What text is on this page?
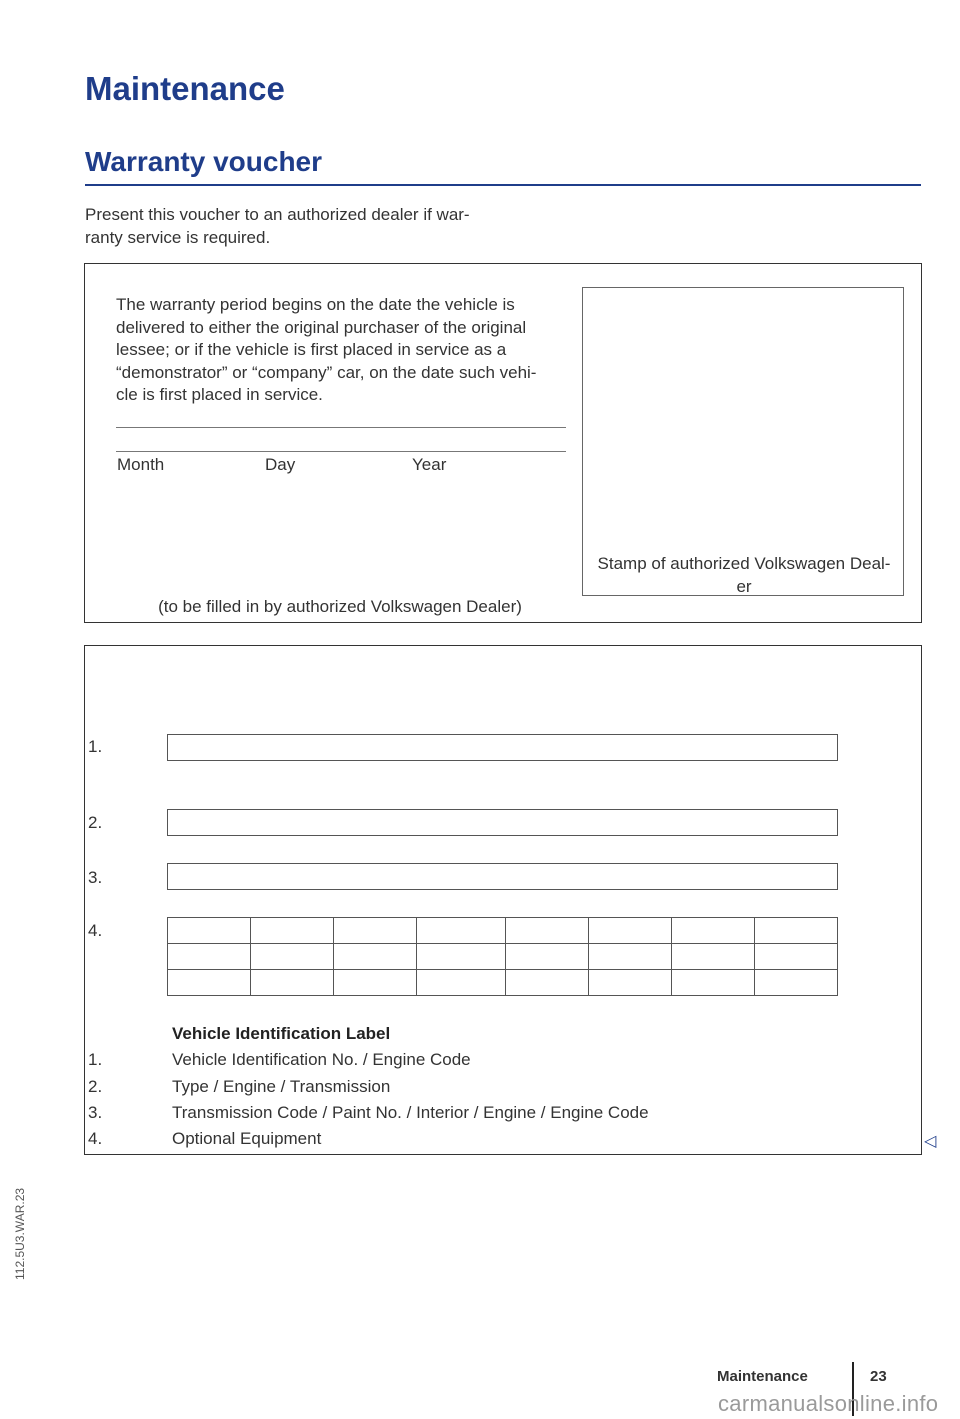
Maintenance
Warranty voucher
Present this voucher to an authorized dealer if war-
ranty service is required.
The warranty period begins on the date the vehicle is
delivered to either the original purchaser of the original
lessee; or if the vehicle is first placed in service as a
“demonstrator” or “company” car, on the date such vehi-
cle is first placed in service.
Month	Day	Year
(to be filled in by authorized Volkswagen Dealer)
Stamp of authorized Volkswagen Deal-
er
1.
2.
3.
4.

Vehicle Identification Label
1.	Vehicle Identification No. / Engine Code
2.	Type / Engine / Transmission
3.	Transmission Code / Paint No. / Interior / Engine / Engine Code
4.	Optional Equipment	◁
112.5U3.WAR.23
Maintenance	23
carmanualsonline.info
